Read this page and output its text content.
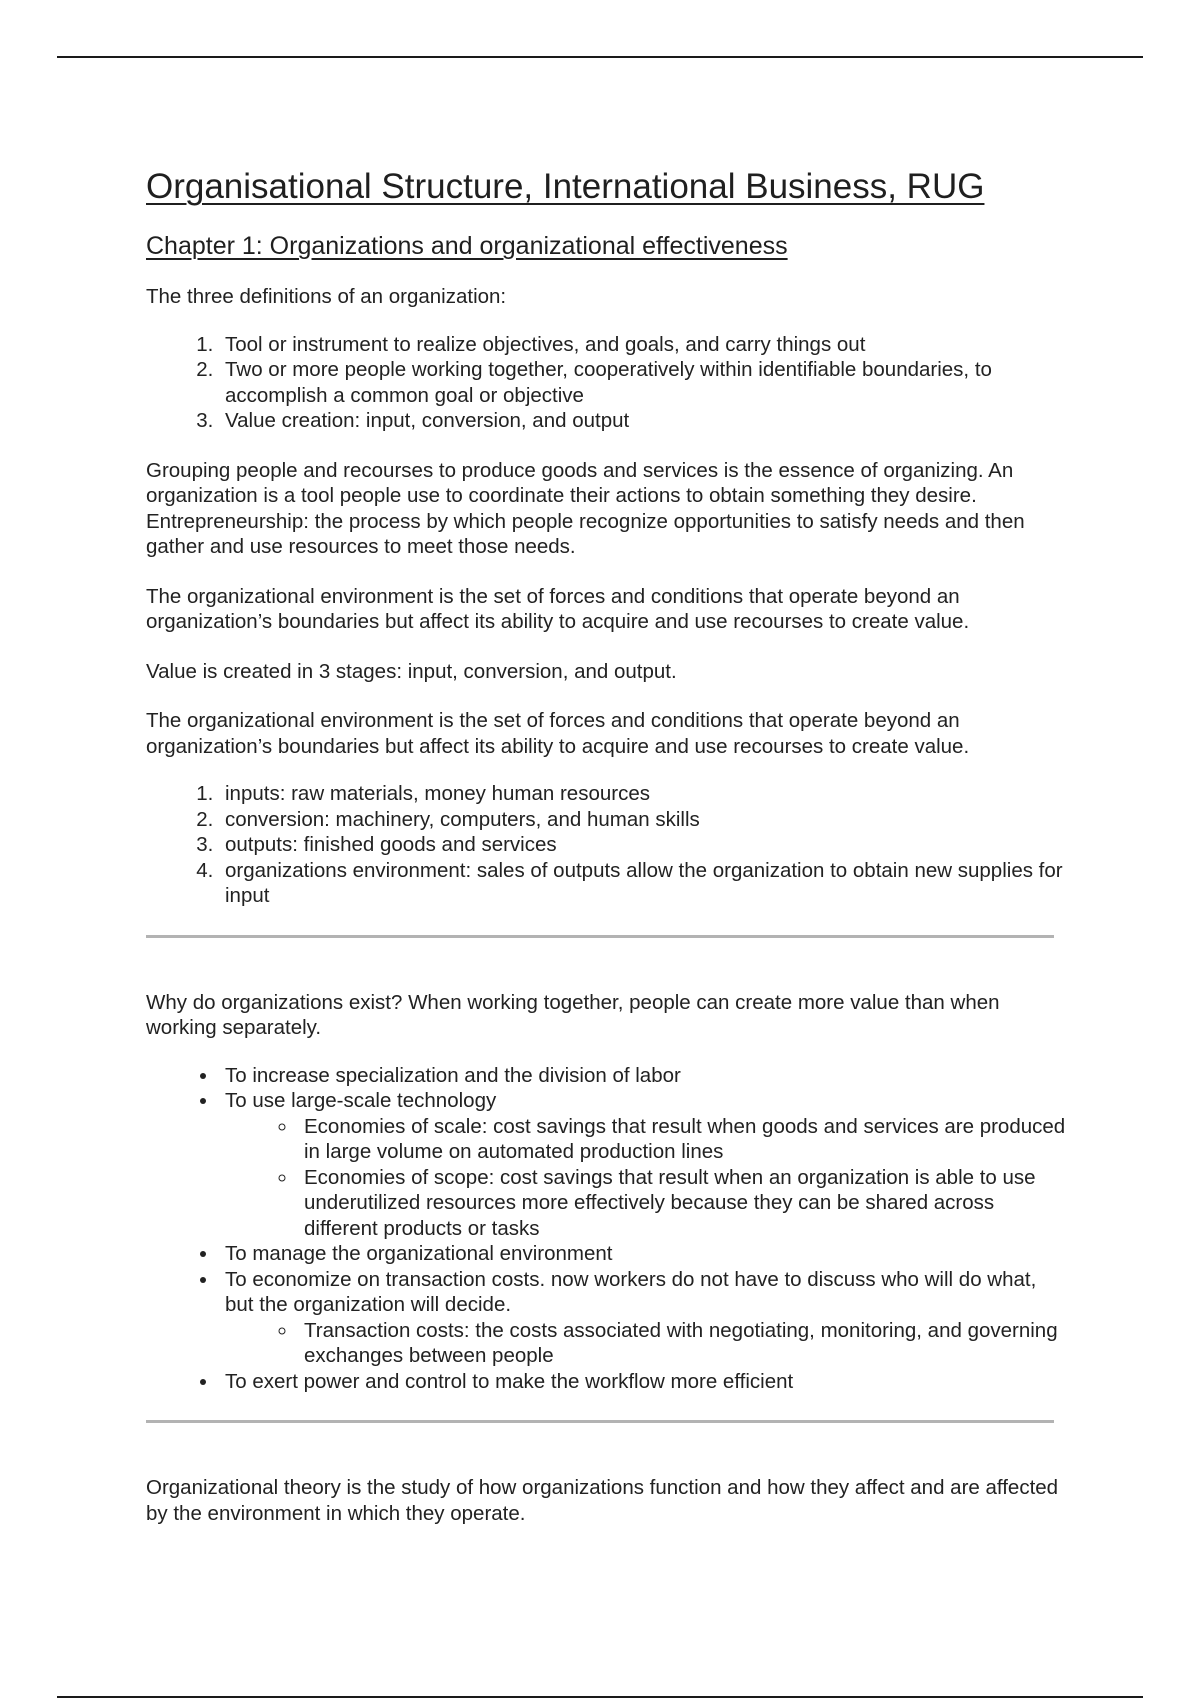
Organisational Structure, International Business, RUG
Chapter 1: Organizations and organizational effectiveness

The three definitions of an organization:

1. Tool or instrument to realize objectives, and goals, and carry things out
2. Two or more people working together, cooperatively within identifiable boundaries, to accomplish a common goal or objective
3. Value creation: input, conversion, and output

Grouping people and recourses to produce goods and services is the essence of organizing. An organization is a tool people use to coordinate their actions to obtain something they desire. Entrepreneurship: the process by which people recognize opportunities to satisfy needs and then gather and use resources to meet those needs.

The organizational environment is the set of forces and conditions that operate beyond an organization’s boundaries but affect its ability to acquire and use recourses to create value.

Value is created in 3 stages: input, conversion, and output.

The organizational environment is the set of forces and conditions that operate beyond an organization’s boundaries but affect its ability to acquire and use recourses to create value.

1. inputs: raw materials, money human resources
2. conversion: machinery, computers, and human skills
3. outputs: finished goods and services
4. organizations environment: sales of outputs allow the organization to obtain new supplies for input

Why do organizations exist? When working together, people can create more value than when working separately.

• To increase specialization and the division of labor
• To use large-scale technology
◦ Economies of scale: cost savings that result when goods and services are produced in large volume on automated production lines
◦ Economies of scope: cost savings that result when an organization is able to use underutilized resources more effectively because they can be shared across different products or tasks
• To manage the organizational environment
• To economize on transaction costs. now workers do not have to discuss who will do what, but the organization will decide.
◦ Transaction costs: the costs associated with negotiating, monitoring, and governing exchanges between people
• To exert power and control to make the workflow more efficient

Organizational theory is the study of how organizations function and how they affect and are affected by the environment in which they operate.
